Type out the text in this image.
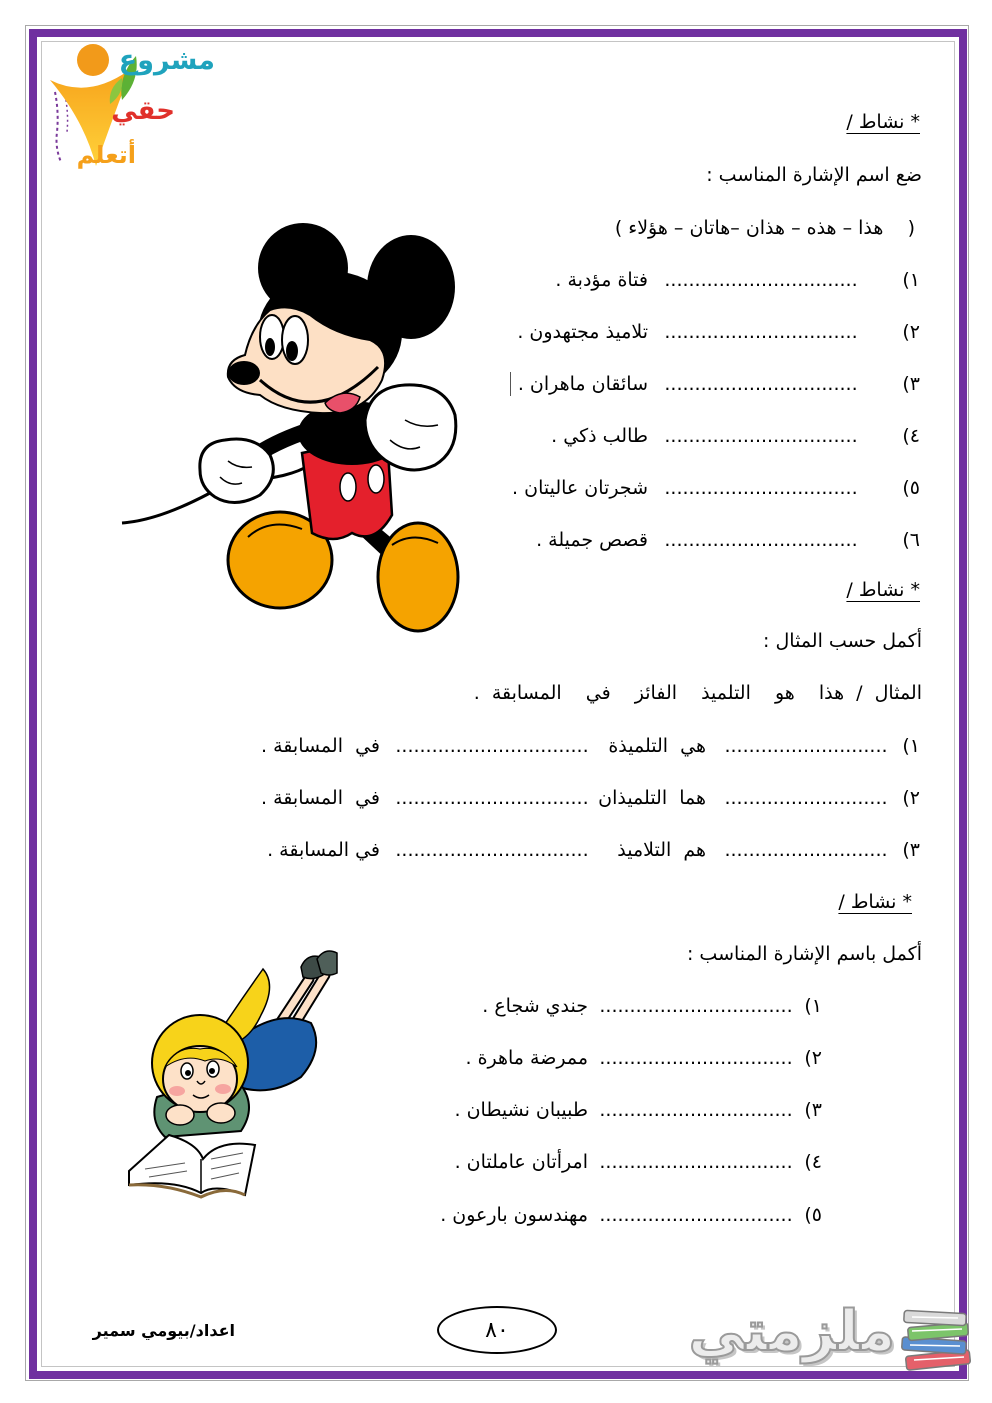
مشروع
حقي
أتعلم
* نشاط /
ضع اسم الإشارة المناسب :
(    هذا – هذه – هذان –هاتان – هؤلاء )
١)
................................
فتاة مؤدبة .
٢)
................................
تلاميذ مجتهدون .
٣)
................................
سائقان ماهران .
٤)
................................
طالب ذكي .
٥)
................................
شجرتان عاليتان .
٦)
................................
قصص جميلة .
* نشاط /
أكمل حسب المثال :
المثال / هذا  هو  التلميذ  الفائز  في  المسابقة .
١)
...........................
هي  التلميذة
................................
في  المسابقة .
٢)
...........................
هما  التلميذان
................................
في  المسابقة .
٣)
...........................
هم  التلاميذ
................................
في المسابقة .
* نشاط /
أكمل باسم الإشارة المناسب :
١)
................................
جندي شجاع .
٢)
................................
ممرضة ماهرة .
٣)
................................
طبيبان نشيطان .
٤)
................................
امرأتان عاملتان .
٥)
................................
مهندسون بارعون .
اعداد/بيومي سمير	٨٠	ملزمتي
